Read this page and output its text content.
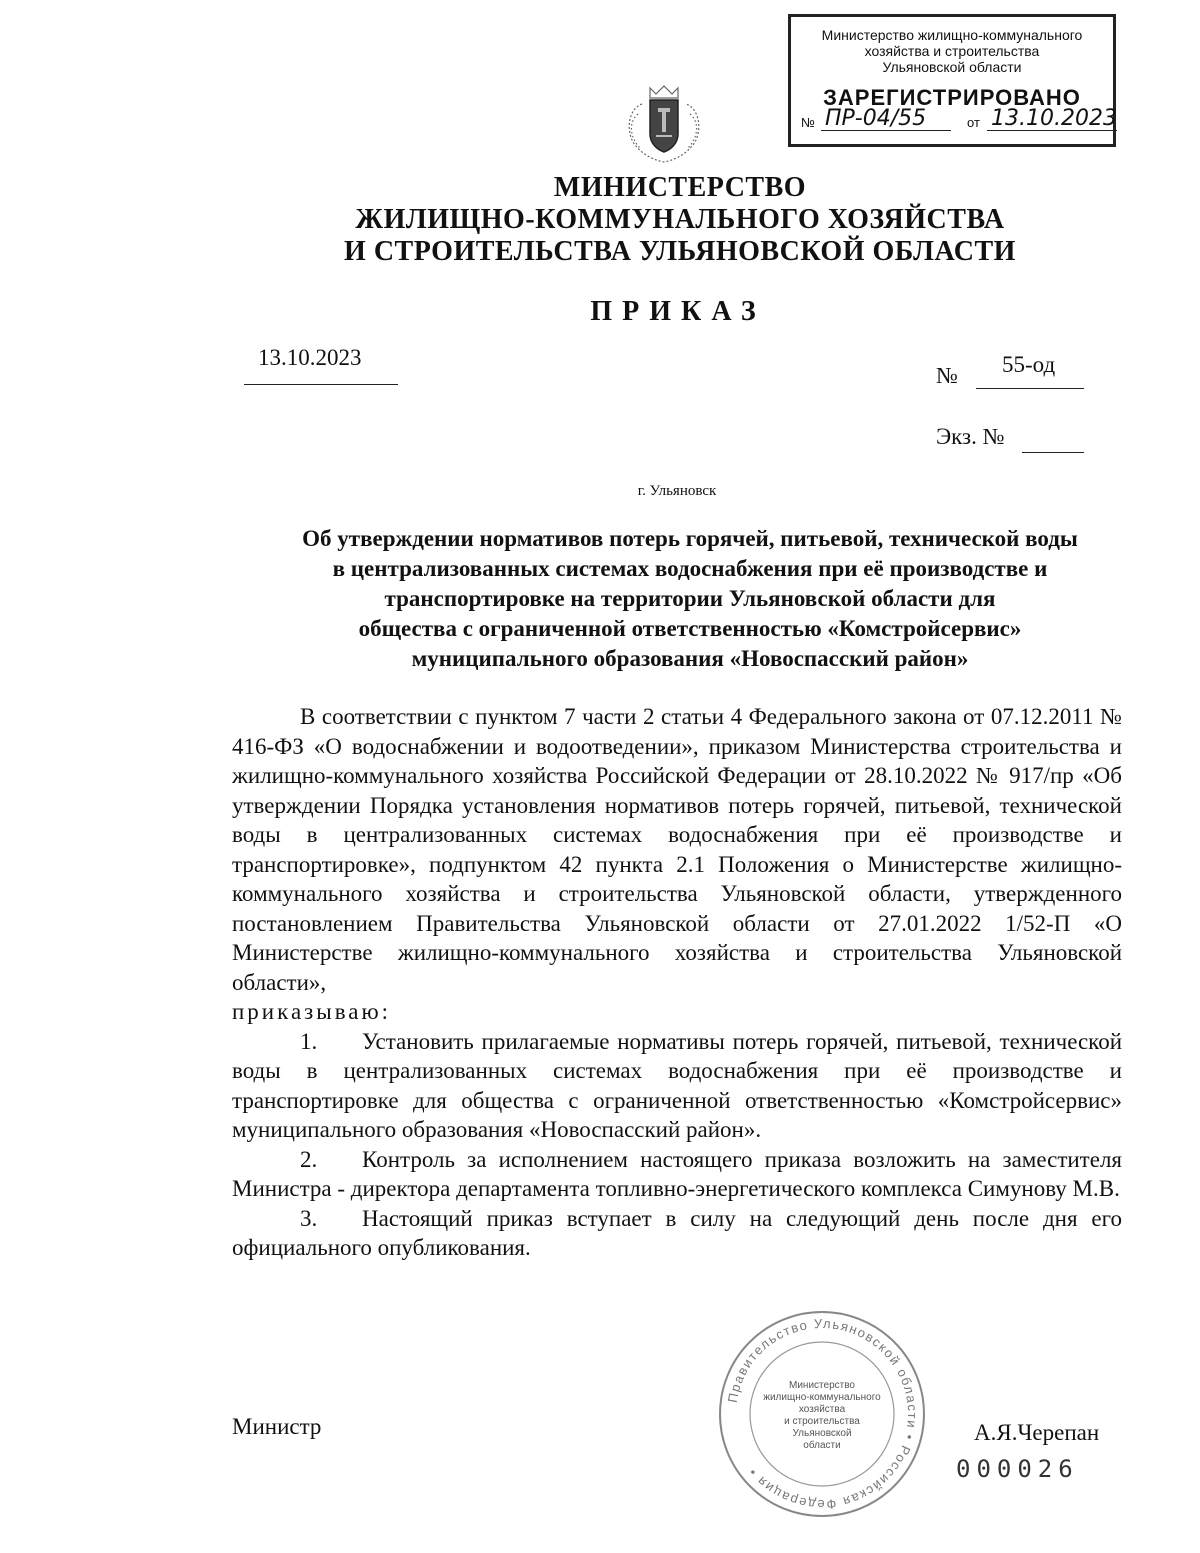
Министерство жилищно-коммунального
хозяйства и строительства
Ульяновской области
ЗАРЕГИСТРИРОВАНО
№ ПР-04/55	от 13.10.2023
МИНИСТЕРСТВО
ЖИЛИЩНО-КОММУНАЛЬНОГО ХОЗЯЙСТВА
И СТРОИТЕЛЬСТВА УЛЬЯНОВСКОЙ ОБЛАСТИ
ПРИКАЗ
13.10.2023
№ 55-од
Экз. №
г. Ульяновск
Об утверждении нормативов потерь горячей, питьевой, технической воды
в централизованных системах водоснабжения при её производстве и
транспортировке на территории Ульяновской области для
общества с ограниченной ответственностью «Комстройсервис»
муниципального образования «Новоспасский район»

В соответствии с пунктом 7 части 2 статьи 4 Федерального закона от 07.12.2011 № 416-ФЗ «О водоснабжении и водоотведении», приказом Министерства строительства и жилищно-коммунального хозяйства Российской Федерации от 28.10.2022 № 917/пр «Об утверждении Порядка установления нормативов потерь горячей, питьевой, технической воды в централизованных системах водоснабжения при её производстве и транспортировке», подпунктом 42 пункта 2.1 Положения о Министерстве жилищно-коммунального хозяйства и строительства Ульяновской области, утвержденного постановлением Правительства Ульяновской области от 27.01.2022 1/52-П «О Министерстве жилищно-коммунального хозяйства и строительства Ульяновской области»,

приказываю:

1. Установить прилагаемые нормативы потерь горячей, питьевой, технической воды в централизованных системах водоснабжения при её производстве и транспортировке для общества с ограниченной ответственностью «Комстройсервис» муниципального образования «Новоспасский район».

2. Контроль за исполнением настоящего приказа возложить на заместителя Министра - директора департамента топливно-энергетического комплекса Симунову М.В.

3. Настоящий приказ вступает в силу на следующий день после дня его официального опубликования.

Правительство Ульяновской области • Российская Федерация •
Министерство
жилищно-коммунального
хозяйства
и строительства
Ульяновской
области
Министр	А.Я.Черепан
000026
